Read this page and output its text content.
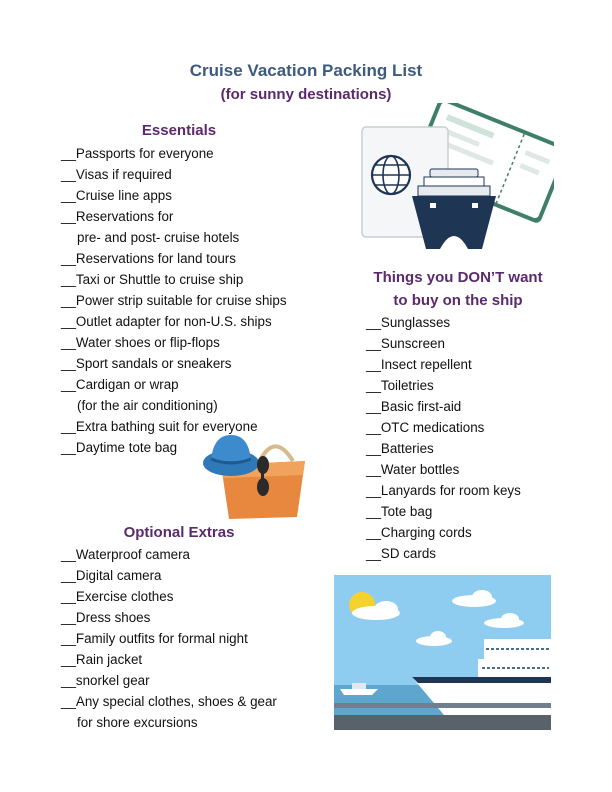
Cruise Vacation Packing List
(for sunny destinations)
Essentials
__Passports for everyone
__Visas if required
__Cruise line apps
__Reservations for
pre- and post- cruise hotels
__Reservations for land tours
__Taxi or Shuttle to cruise ship
__Power strip suitable for cruise ships
__Outlet adapter for non-U.S. ships
__Water shoes or flip-flops
__Sport sandals or sneakers
__Cardigan or wrap
(for the air conditioning)
__Extra bathing suit for everyone
__Daytime tote bag
Optional Extras
__Waterproof camera
__Digital camera
__Exercise clothes
__Dress shoes
__Family outfits for formal night
__Rain jacket
__snorkel gear
__Any special clothes, shoes & gear
for shore excursions
Things you DON’T want
to buy on the ship
__Sunglasses
__Sunscreen
__Insect repellent
__Toiletries
__Basic first-aid
__OTC medications
__Batteries
__Water bottles
__Lanyards for room keys
__Tote bag
__Charging cords
__SD cards
